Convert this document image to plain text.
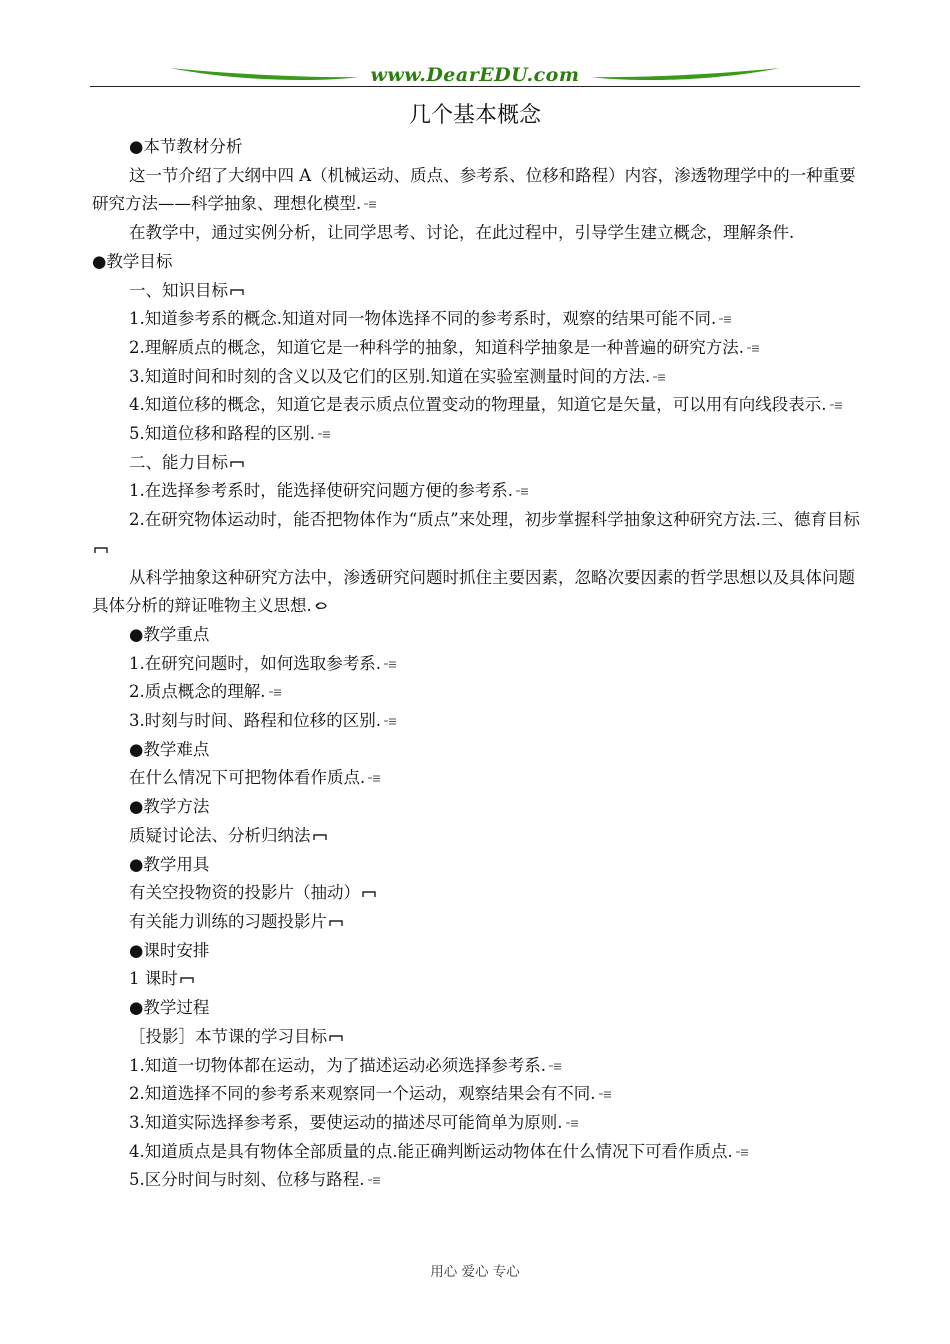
www.DearEDU.com
几个基本概念

●本节教材分析

这一节介绍了大纲中四 A（机械运动、质点、参考系、位移和路程）内容，渗透物理学中的一种重要研究方法——科学抽象、理想化模型.

在教学中，通过实例分析，让同学思考、讨论，在此过程中，引导学生建立概念，理解条件.

●教学目标

一、知识目标

1.知道参考系的概念.知道对同一物体选择不同的参考系时，观察的结果可能不同.

2.理解质点的概念，知道它是一种科学的抽象，知道科学抽象是一种普遍的研究方法.

3.知道时间和时刻的含义以及它们的区别.知道在实验室测量时间的方法.

4.知道位移的概念，知道它是表示质点位置变动的物理量，知道它是矢量，可以用有向线段表示.

5.知道位移和路程的区别.

二、能力目标

1.在选择参考系时，能选择使研究问题方便的参考系.

2.在研究物体运动时，能否把物体作为“质点”来处理，初步掌握科学抽象这种研究方法.三、德育目标

从科学抽象这种研究方法中，渗透研究问题时抓住主要因素，忽略次要因素的哲学思想以及具体问题具体分析的辩证唯物主义思想.

●教学重点

1.在研究问题时，如何选取参考系.

2.质点概念的理解.

3.时刻与时间、路程和位移的区别.

●教学难点

在什么情况下可把物体看作质点.

●教学方法

质疑讨论法、分析归纳法

●教学用具

有关空投物资的投影片（抽动）

有关能力训练的习题投影片

●课时安排

1 课时

●教学过程

［投影］本节课的学习目标

1.知道一切物体都在运动，为了描述运动必须选择参考系.

2.知道选择不同的参考系来观察同一个运动，观察结果会有不同.

3.知道实际选择参考系，要使运动的描述尽可能简单为原则.

4.知道质点是具有物体全部质量的点.能正确判断运动物体在什么情况下可看作质点.

5.区分时间与时刻、位移与路程.

用心 爱心 专心
